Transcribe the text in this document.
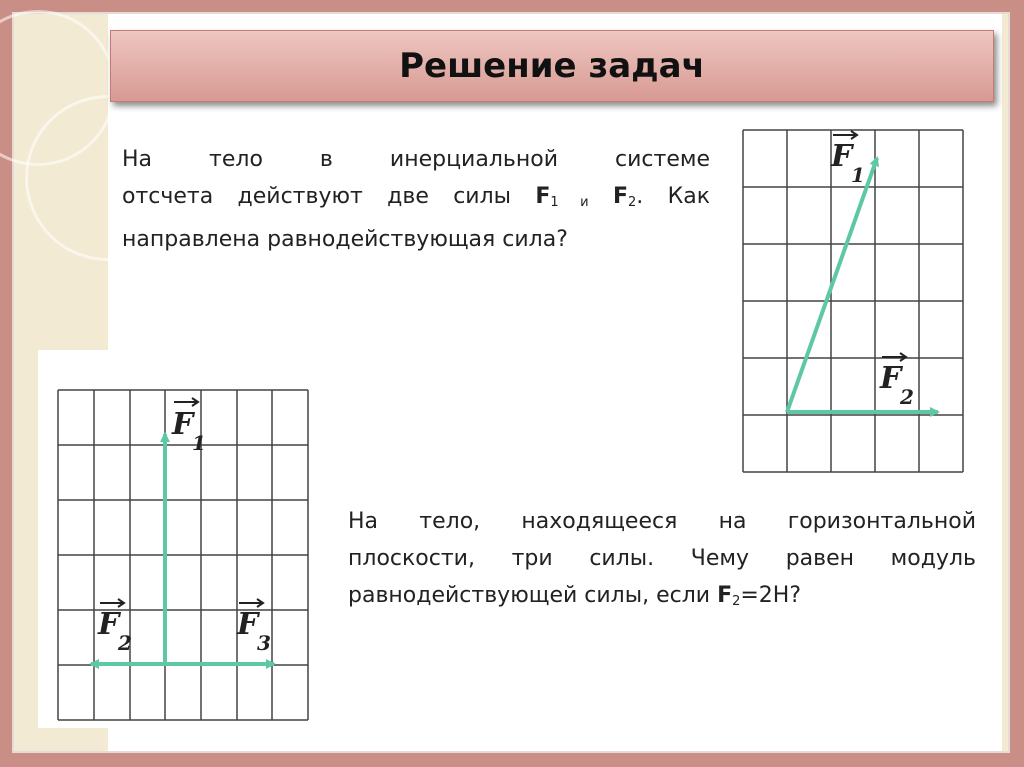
Решение задач
На тело в инерциальной системе
отсчета действуют две силы $F_{1 и}$ $F_2$. Как
направлена равнодействующая сила?
На тело, находящееся на горизонтальной
плоскости, три силы. Чему равен модуль
равнодействующей силы, если $F_2=2Н$?
F
1
F
2
F
1
F
2
F
3
